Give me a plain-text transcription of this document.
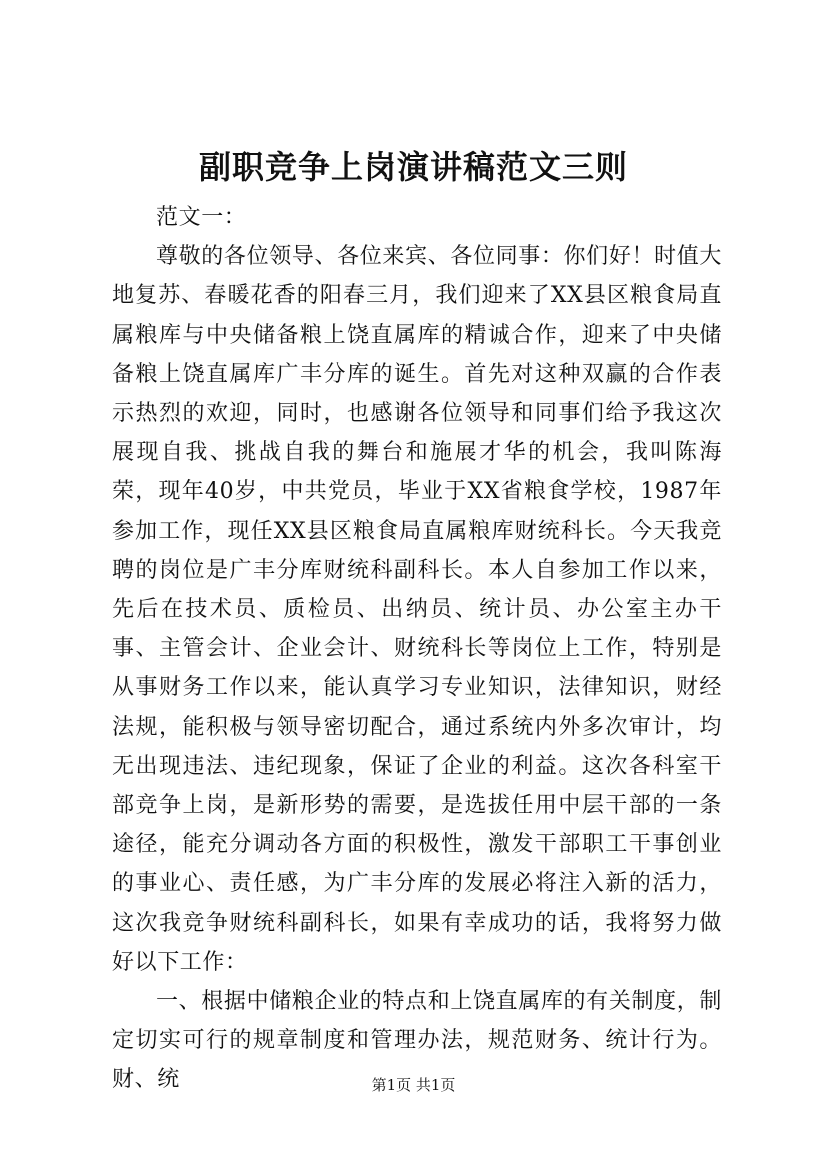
副职竞争上岗演讲稿范文三则

范文一：

尊敬的各位领导、各位来宾、各位同事：你们好！时值大地复苏、春暖花香的阳春三月，我们迎来了XX县区粮食局直属粮库与中央储备粮上饶直属库的精诚合作，迎来了中央储备粮上饶直属库广丰分库的诞生。首先对这种双赢的合作表示热烈的欢迎，同时，也感谢各位领导和同事们给予我这次展现自我、挑战自我的舞台和施展才华的机会，我叫陈海荣，现年40岁，中共党员，毕业于XX省粮食学校，1987年参加工作，现任XX县区粮食局直属粮库财统科长。今天我竞聘的岗位是广丰分库财统科副科长。本人自参加工作以来，先后在技术员、质检员、出纳员、统计员、办公室主办干事、主管会计、企业会计、财统科长等岗位上工作，特别是从事财务工作以来，能认真学习专业知识，法律知识，财经法规，能积极与领导密切配合，通过系统内外多次审计，均无出现违法、违纪现象，保证了企业的利益。这次各科室干部竞争上岗，是新形势的需要，是选拔任用中层干部的一条途径，能充分调动各方面的积极性，激发干部职工干事创业的事业心、责任感，为广丰分库的发展必将注入新的活力，这次我竞争财统科副科长，如果有幸成功的话，我将努力做好以下工作：

一、根据中储粮企业的特点和上饶直属库的有关制度，制定切实可行的规章制度和管理办法，规范财务、统计行为。财、统	第1页 共1页
